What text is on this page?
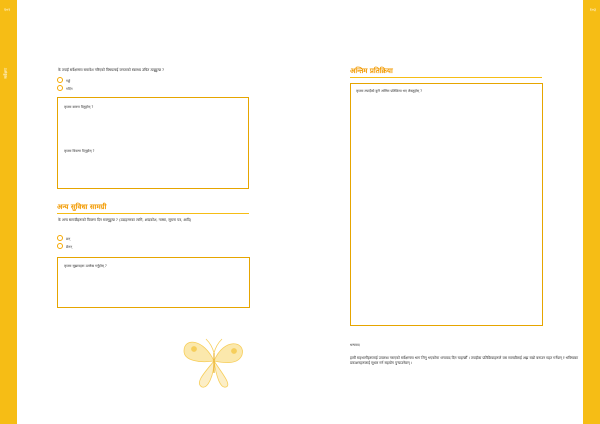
१०२
सर्वेक्षण	के तपाइँ सर्वेक्षणमा समावेश गरिएको विषयलाई जनताको स्वास्थ्य उचित ठान्नुहुन्छ ?
गर्छु
गर्दिन
कृपया कारण दिनुहोस् ?
कृपया विवरण दिनुहोस् ?
अन्य सुविधा सामग्री
के अन्य सामग्रीहरूको विवरण दिन सक्नुहुन्छ ? (उदाहरणका लागि, शब्दकोश, नक्सा, सूचना पत्र, आदि)
छन्
छैनन्
कृपया सुझावहरू उल्लेख गर्नुहोस् ?
१०३
अन्तिम प्रतिक्रिया
कृपया तपाइँको कुनै अन्तिम प्रतिक्रिया भए लेख्नुहोस् ?
धन्यवाद
हामी सहभागीहरूलाई उपलब्ध गराएको सर्वेक्षणमा भाग लिनु भएकोमा धन्यवाद दिन चाहन्छौँ । तपाइँका प्रतिक्रियाहरूले यस सामग्रीलाई अझ राम्रो बनाउन मद्दत गर्नेछन् र भविष्यका प्रकाशनहरूलाई सुधार गर्न सहयोग पुर्‍याउनेछन् ।
